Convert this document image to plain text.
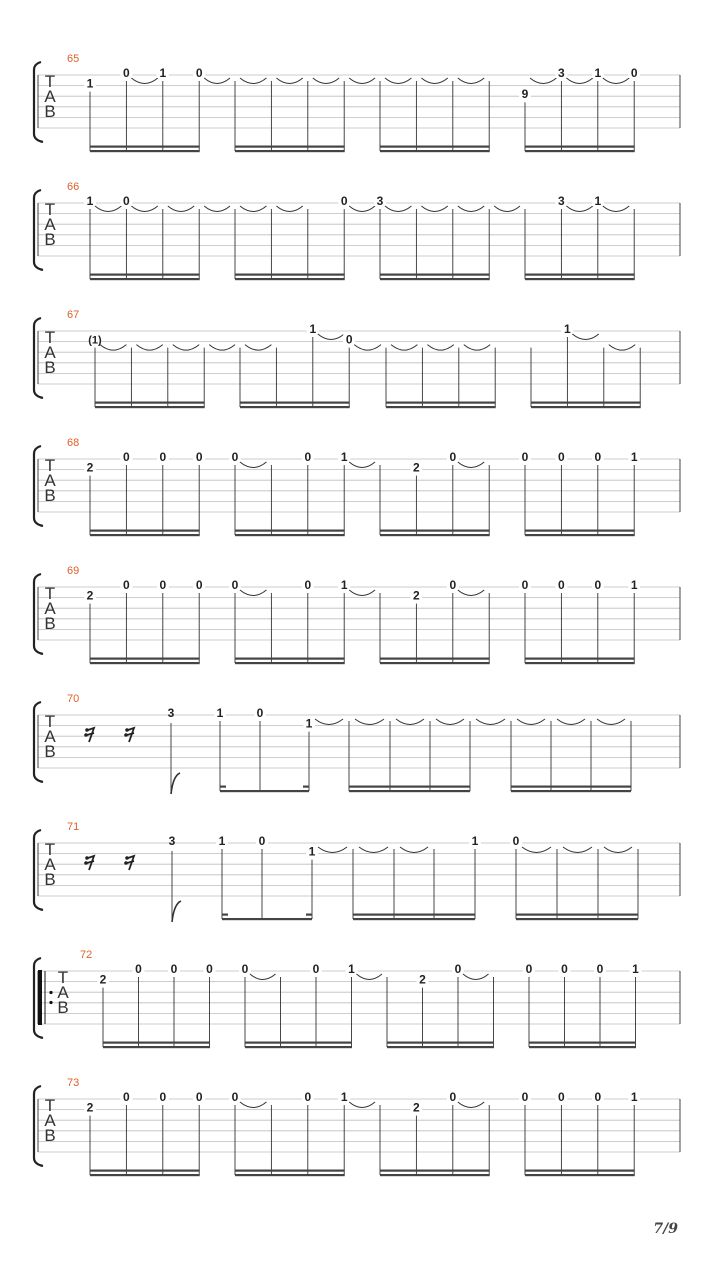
T
A
B
65
1
0 1 0
9
3 1 0
T
A
B
66
1 0	0 3	3 1
T
A
B
67
(1)
1
0
1
T
A
B
68
2
0 0 0 0	0 1
2
0	0 0 0 1
T
A
B
69
2
0 0 0 0	0 1
2
0	0 0 0 1
T
A
B
70
3	1	0
1
T
A
B
71
3	1	0
1
1	0
T
A
B
72
2
0 0 0 0	0 1
2
0	0 0 0 1
T
A
B
73
2
0 0 0 0	0 1
2
0	0 0 0 1
7/9
